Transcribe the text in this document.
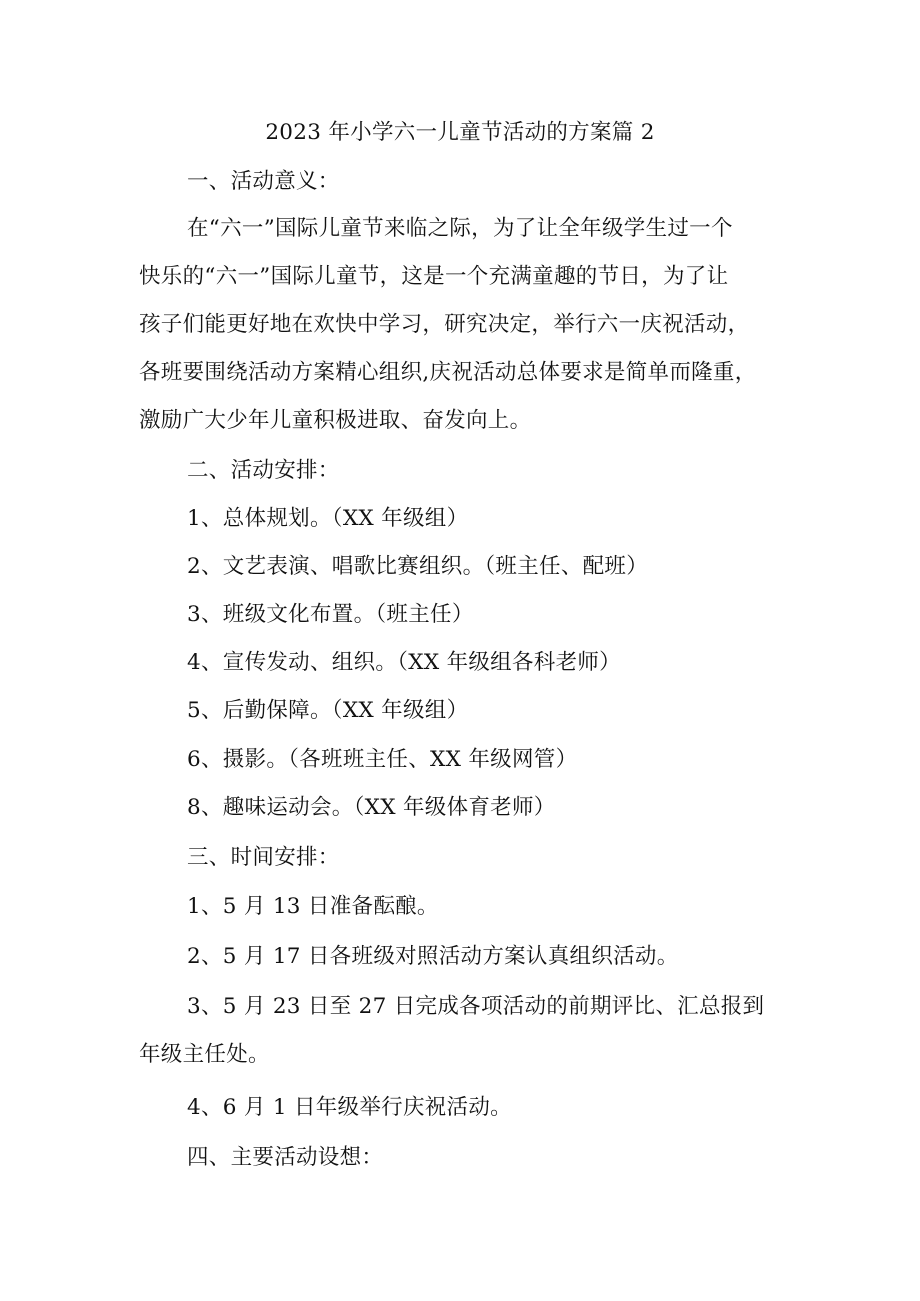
2023 年小学六一儿童节活动的方案篇 2
一、活动意义：
在“六一”国际儿童节来临之际，为了让全年级学生过一个
快乐的“六一”国际儿童节，这是一个充满童趣的节日，为了让
孩子们能更好地在欢快中学习，研究决定，举行六一庆祝活动，
各班要围绕活动方案精心组织,庆祝活动总体要求是简单而隆重，
激励广大少年儿童积极进取、奋发向上。
二、活动安排：
1、总体规划。（XX 年级组）
2、文艺表演、唱歌比赛组织。（班主任、配班）
3、班级文化布置。（班主任）
4、宣传发动、组织。（XX 年级组各科老师）
5、后勤保障。（XX 年级组）
6、摄影。（各班班主任、XX 年级网管）
8、趣味运动会。（XX 年级体育老师）
三、时间安排：
1、5 月 13 日准备酝酿。
2、5 月 17 日各班级对照活动方案认真组织活动。
3、5 月 23 日至 27 日完成各项活动的前期评比、汇总报到
年级主任处。
4、6 月 1 日年级举行庆祝活动。
四、主要活动设想：
